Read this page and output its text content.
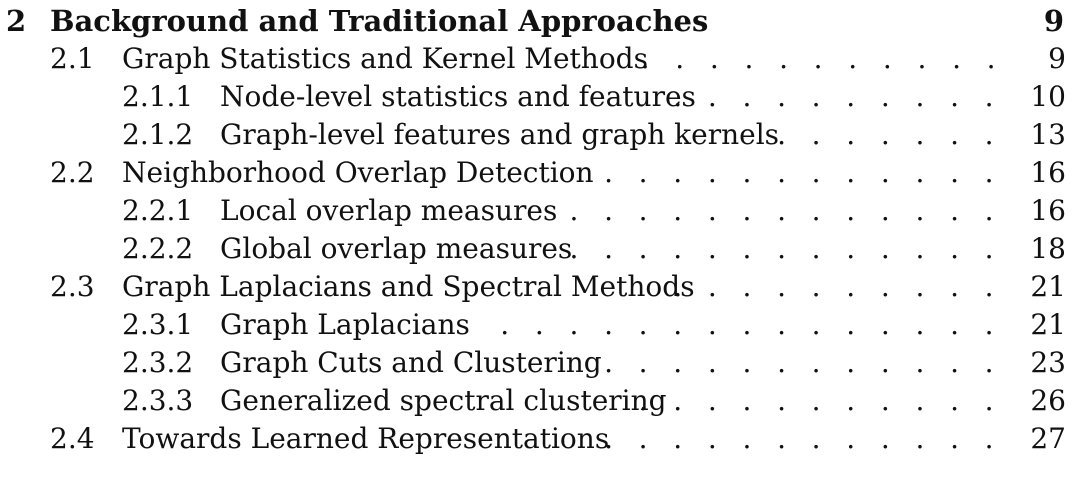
2 Background and Traditional Approaches	9
2.1 Graph Statistics and Kernel Methods . . .	9
2.1.1 Node-level statistics and features . . .	10
2.1.2 Graph-level features and graph kernels . . .	13
2.2 Neighborhood Overlap Detection . . .	16
2.2.1 Local overlap measures . . .	16
2.2.2 Global overlap measures . . .	18
2.3 Graph Laplacians and Spectral Methods . . .	21
2.3.1 Graph Laplacians . . .	21
2.3.2 Graph Cuts and Clustering . . .	23
2.3.3 Generalized spectral clustering . . .	26
2.4 Towards Learned Representations . . .	27
